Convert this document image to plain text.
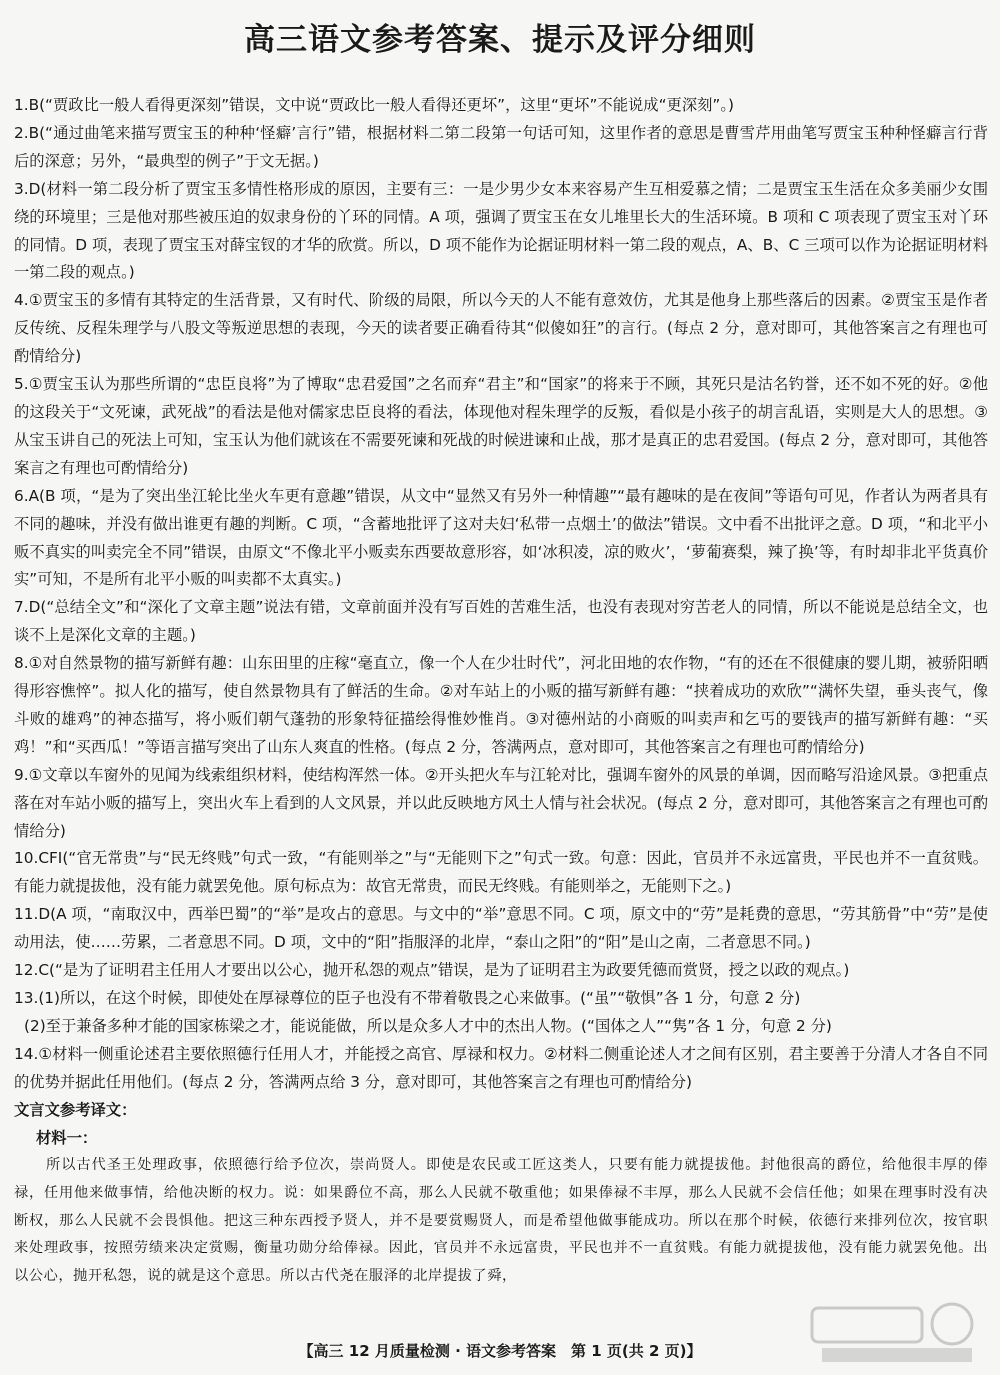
高三语文参考答案、提示及评分细则
1.B(“贾政比一般人看得更深刻”错误，文中说“贾政比一般人看得还更坏”，这里“更坏”不能说成“更深刻”。)
2.B(“通过曲笔来描写贾宝玉的种种‘怪癖’言行”错，根据材料二第二段第一句话可知，这里作者的意思是曹雪芹用曲笔写贾宝玉种种怪癖言行背后的深意；另外，“最典型的例子”于文无据。)
3.D(材料一第二段分析了贾宝玉多情性格形成的原因，主要有三：一是少男少女本来容易产生互相爱慕之情；二是贾宝玉生活在众多美丽少女围绕的环境里；三是他对那些被压迫的奴隶身份的丫环的同情。A 项，强调了贾宝玉在女儿堆里长大的生活环境。B 项和 C 项表现了贾宝玉对丫环的同情。D 项，表现了贾宝玉对薛宝钗的才华的欣赏。所以，D 项不能作为论据证明材料一第二段的观点，A、B、C 三项可以作为论据证明材料一第二段的观点。)
4.①贾宝玉的多情有其特定的生活背景，又有时代、阶级的局限，所以今天的人不能有意效仿，尤其是他身上那些落后的因素。②贾宝玉是作者反传统、反程朱理学与八股文等叛逆思想的表现，今天的读者要正确看待其“似傻如狂”的言行。(每点 2 分，意对即可，其他答案言之有理也可酌情给分)
5.①贾宝玉认为那些所谓的“忠臣良将”为了博取“忠君爱国”之名而弃“君主”和“国家”的将来于不顾，其死只是沽名钓誉，还不如不死的好。②他的这段关于“文死谏，武死战”的看法是他对儒家忠臣良将的看法，体现他对程朱理学的反叛，看似是小孩子的胡言乱语，实则是大人的思想。③从宝玉讲自己的死法上可知，宝玉认为他们就该在不需要死谏和死战的时候进谏和止战，那才是真正的忠君爱国。(每点 2 分，意对即可，其他答案言之有理也可酌情给分)
6.A(B 项，“是为了突出坐江轮比坐火车更有意趣”错误，从文中“显然又有另外一种情趣”“最有趣味的是在夜间”等语句可见，作者认为两者具有不同的趣味，并没有做出谁更有趣的判断。C 项，“含蓄地批评了这对夫妇‘私带一点烟土’的做法”错误。文中看不出批评之意。D 项，“和北平小贩不真实的叫卖完全不同”错误，由原文“不像北平小贩卖东西要故意形容，如‘冰积凌，凉的败火’，‘萝葡赛梨，辣了换’等，有时却非北平货真价实”可知，不是所有北平小贩的叫卖都不太真实。)
7.D(“总结全文”和“深化了文章主题”说法有错，文章前面并没有写百姓的苦难生活，也没有表现对穷苦老人的同情，所以不能说是总结全文，也谈不上是深化文章的主题。)
8.①对自然景物的描写新鲜有趣：山东田里的庄稼“毫直立，像一个人在少壮时代”，河北田地的农作物，“有的还在不很健康的婴儿期，被骄阳晒得形容憔悴”。拟人化的描写，使自然景物具有了鲜活的生命。②对车站上的小贩的描写新鲜有趣：“挟着成功的欢欣”“满怀失望，垂头丧气，像斗败的雄鸡”的神态描写，将小贩们朝气蓬勃的形象特征描绘得惟妙惟肖。③对德州站的小商贩的叫卖声和乞丐的要钱声的描写新鲜有趣：“买鸡！”和“买西瓜！”等语言描写突出了山东人爽直的性格。(每点 2 分，答满两点，意对即可，其他答案言之有理也可酌情给分)
9.①文章以车窗外的见闻为线索组织材料，使结构浑然一体。②开头把火车与江轮对比，强调车窗外的风景的单调，因而略写沿途风景。③把重点落在对车站小贩的描写上，突出火车上看到的人文风景，并以此反映地方风土人情与社会状况。(每点 2 分，意对即可，其他答案言之有理也可酌情给分)
10.CFI(“官无常贵”与“民无终贱”句式一致，“有能则举之”与“无能则下之”句式一致。句意：因此，官员并不永远富贵，平民也并不一直贫贱。有能力就提拔他，没有能力就罢免他。原句标点为：故官无常贵，而民无终贱。有能则举之，无能则下之。)
11.D(A 项，“南取汉中，西举巴蜀”的“举”是攻占的意思。与文中的“举”意思不同。C 项，原文中的“劳”是耗费的意思，“劳其筋骨”中“劳”是使动用法，使……劳累，二者意思不同。D 项，文中的“阳”指服泽的北岸，“泰山之阳”的“阳”是山之南，二者意思不同。)
12.C(“是为了证明君主任用人才要出以公心，抛开私怨的观点”错误，是为了证明君主为政要凭德而赏贤，授之以政的观点。)
13.(1)所以，在这个时候，即使处在厚禄尊位的臣子也没有不带着敬畏之心来做事。(“虽”“敬惧”各 1 分，句意 2 分)
(2)至于兼备多种才能的国家栋梁之才，能说能做，所以是众多人才中的杰出人物。(“国体之人”“隽”各 1 分，句意 2 分)
14.①材料一侧重论述君主要依照德行任用人才，并能授之高官、厚禄和权力。②材料二侧重论述人才之间有区别，君主要善于分清人才各自不同的优势并据此任用他们。(每点 2 分，答满两点给 3 分，意对即可，其他答案言之有理也可酌情给分)
文言文参考译文：
材料一：
所以古代圣王处理政事，依照德行给予位次，崇尚贤人。即使是农民或工匠这类人，只要有能力就提拔他。封他很高的爵位，给他很丰厚的俸禄，任用他来做事情，给他决断的权力。说：如果爵位不高，那么人民就不敬重他；如果俸禄不丰厚，那么人民就不会信任他；如果在理事时没有决断权，那么人民就不会畏惧他。把这三种东西授予贤人，并不是要赏赐贤人，而是希望他做事能成功。所以在那个时候，依德行来排列位次，按官职来处理政事，按照劳绩来决定赏赐，衡量功勋分给俸禄。因此，官员并不永远富贵，平民也并不一直贫贱。有能力就提拔他，没有能力就罢免他。出以公心，抛开私怨，说的就是这个意思。所以古代尧在服泽的北岸提拔了舜，
【高三 12 月质量检测 · 语文参考答案　第 1 页(共 2 页)】
